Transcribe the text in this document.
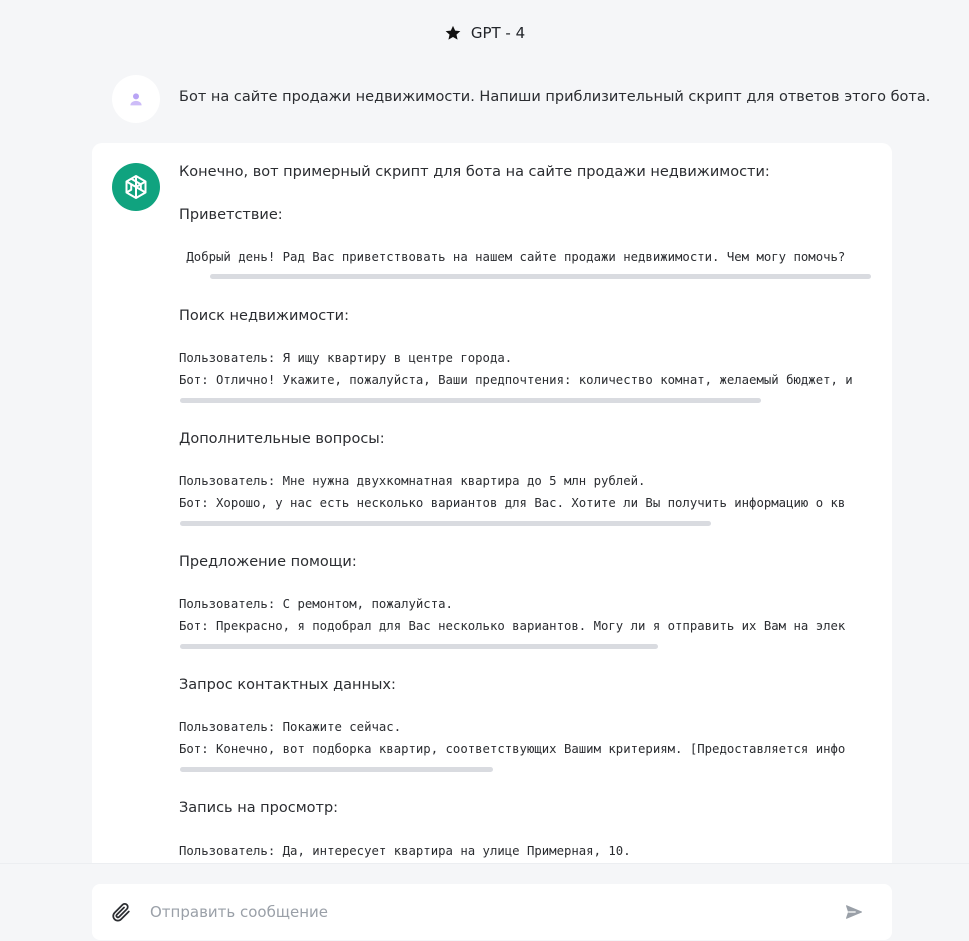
GPT - 4
Бот на сайте продажи недвижимости. Напиши приблизительный скрипт для ответов этого бота.
Конечно, вот примерный скрипт для бота на сайте продажи недвижимости:
Приветствие:
Добрый день! Рад Вас приветствовать на нашем сайте продажи недвижимости. Чем могу помочь?
Поиск недвижимости:
Пользователь: Я ищу квартиру в центре города.
Бот: Отлично! Укажите, пожалуйста, Ваши предпочтения: количество комнат, желаемый бюджет, и
Дополнительные вопросы:
Пользователь: Мне нужна двухкомнатная квартира до 5 млн рублей.
Бот: Хорошо, у нас есть несколько вариантов для Вас. Хотите ли Вы получить информацию о кв
Предложение помощи:
Пользователь: С ремонтом, пожалуйста.
Бот: Прекрасно, я подобрал для Вас несколько вариантов. Могу ли я отправить их Вам на элек
Запрос контактных данных:
Пользователь: Покажите сейчас.
Бот: Конечно, вот подборка квартир, соответствующих Вашим критериям. [Предоставляется инфо
Запись на просмотр:
Пользователь: Да, интересует квартира на улице Примерная, 10.
Отправить сообщение
